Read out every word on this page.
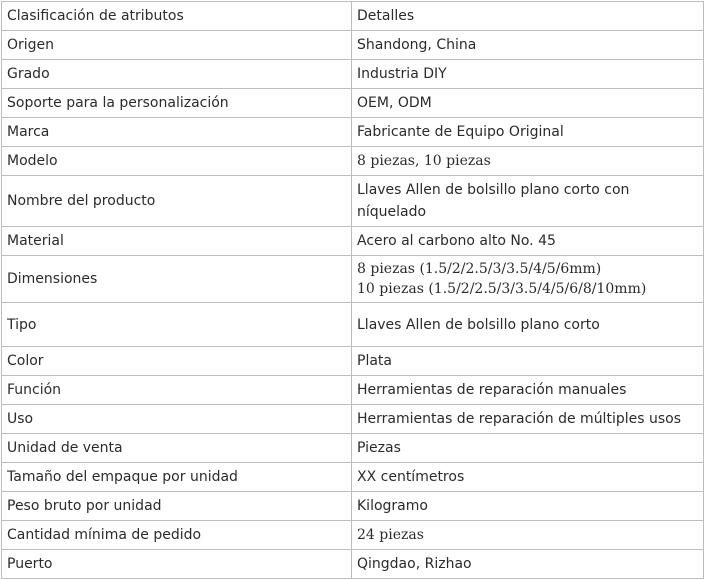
Clasificación de atributos	Detalles
Origen	Shandong, China
Grado	Industria DIY
Soporte para la personalización	OEM, ODM
Marca	Fabricante de Equipo Original
Modelo	8 piezas, 10 piezas
Nombre del producto	Llaves Allen de bolsillo plano corto con
níquelado

Material	Acero al carbono alto No. 45
Dimensiones	8 piezas (1.5/2/2.5/3/3.5/4/5/6mm)
10 piezas (1.5/2/2.5/3/3.5/4/5/6/8/10mm)

Tipo	Llaves Allen de bolsillo plano corto
Color	Plata
Función	Herramientas de reparación manuales
Uso	Herramientas de reparación de múltiples usos
Unidad de venta	Piezas
Tamaño del empaque por unidad	XX centímetros
Peso bruto por unidad	Kilogramo
Cantidad mínima de pedido	24 piezas
Puerto	Qingdao, Rizhao
